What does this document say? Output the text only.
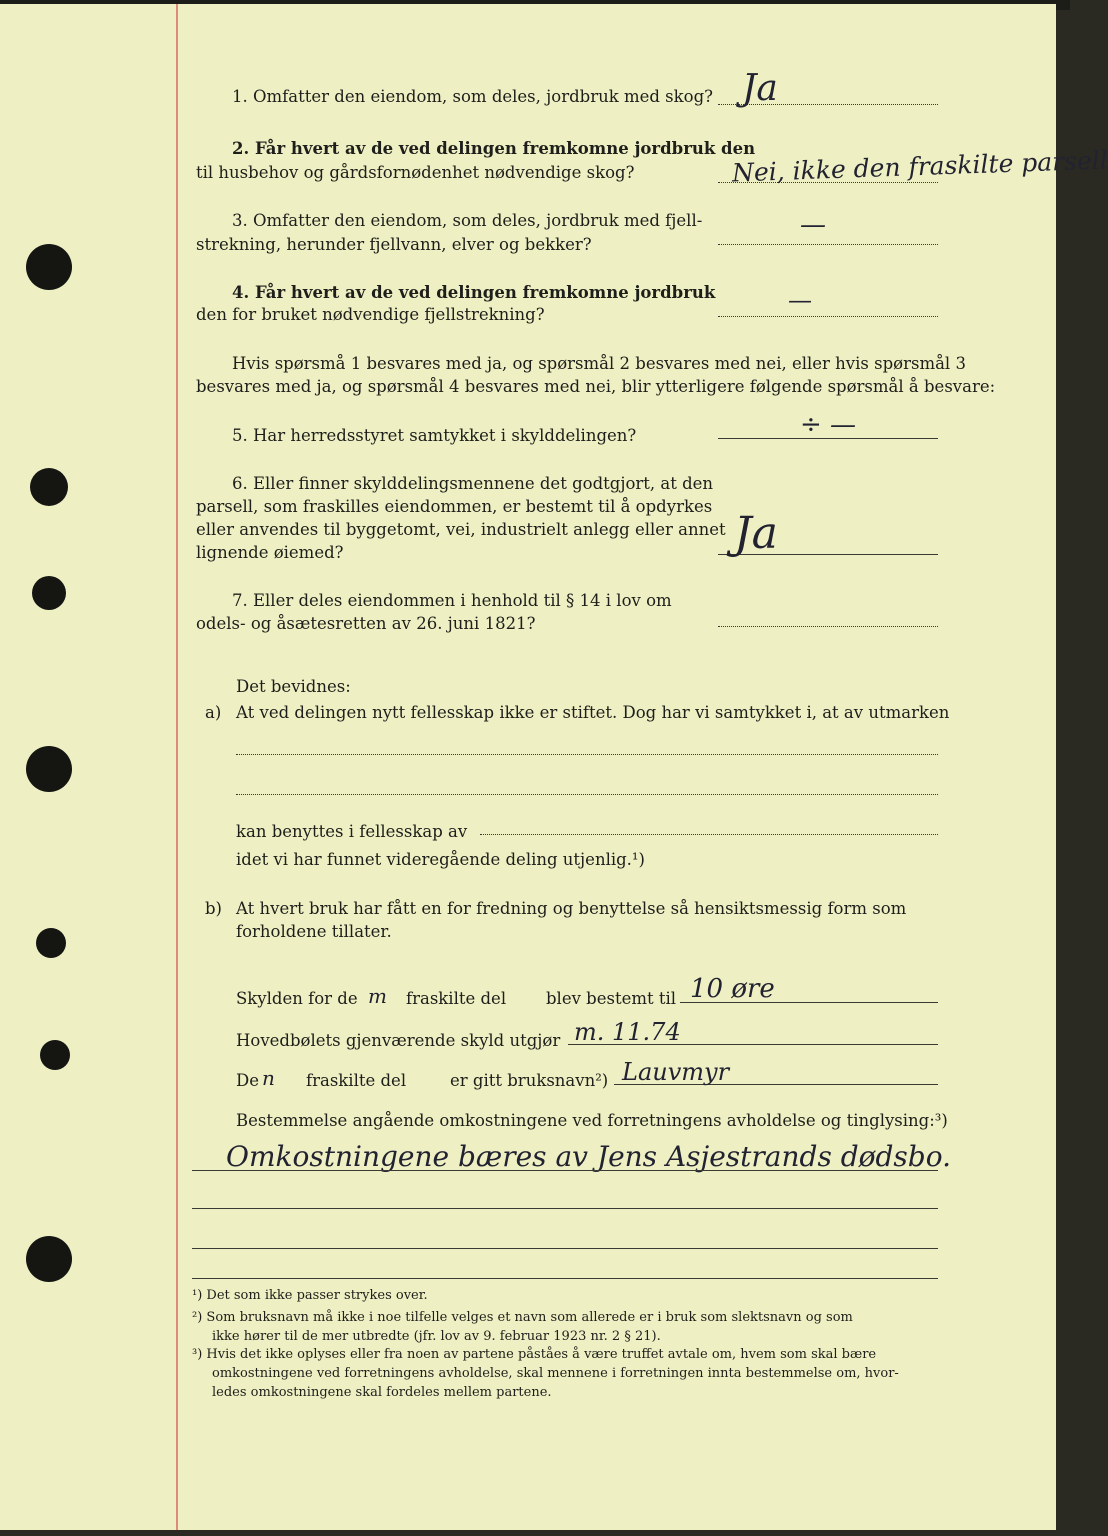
1. Omfatter den eiendom, som deles, jordbruk med skog? Ja
2. Får hvert av de ved delingen fremkomne jordbruk den
til husbehov og gårdsfornødenhet nødvendige skog?	Nei, ikke den fraskilte parsell
3. Omfatter den eiendom, som deles, jordbruk med fjell-
strekning, herunder fjellvann, elver og bekker?
—
4. Får hvert av de ved delingen fremkomne jordbruk
den for bruket nødvendige fjellstrekning?
—
Hvis spørsmå 1 besvares med ja, og spørsmål 2 besvares med nei, eller hvis spørsmål 3
besvares med ja, og spørsmål 4 besvares med nei, blir ytterligere følgende spørsmål å besvare:
5. Har herredsstyret samtykket i skylddelingen?	÷ —
6. Eller finner skylddelingsmennene det godtgjort, at den
parsell, som fraskilles eiendommen, er bestemt til å opdyrkes
eller anvendes til byggetomt, vei, industrielt anlegg eller annet
lignende øiemed?	Ja
7. Eller deles eiendommen i henhold til § 14 i lov om
odels- og åsætesretten av 26. juni 1821?
Det bevidnes:
a) At ved delingen nytt fellesskap ikke er stiftet. Dog har vi samtykket i, at av utmarken
kan benyttes i fellesskap av
idet vi har funnet videregående deling utjenlig.¹)
b) At hvert bruk har fått en for fredning og benyttelse så hensiktsmessig form som
forholdene tillater.
Skylden for de m fraskilte del blev bestemt til 10 øre
Hovedbølets gjenværende skyld utgjør m. 11.74
De n fraskilte del	er gitt bruksnavn²) Lauvmyr
Bestemmelse angående omkostningene ved forretningens avholdelse og tinglysing:³)
Omkostningene bæres av Jens Asjestrands dødsbo.
¹) Det som ikke passer strykes over.
²) Som bruksnavn må ikke i noe tilfelle velges et navn som allerede er i bruk som slektsnavn og som
ikke hører til de mer utbredte (jfr. lov av 9. februar 1923 nr. 2 § 21).
³) Hvis det ikke oplyses eller fra noen av partene påståes å være truffet avtale om, hvem som skal bære
omkostningene ved forretningens avholdelse, skal mennene i forretningen innta bestemmelse om, hvor-
ledes omkostningene skal fordeles mellem partene.
